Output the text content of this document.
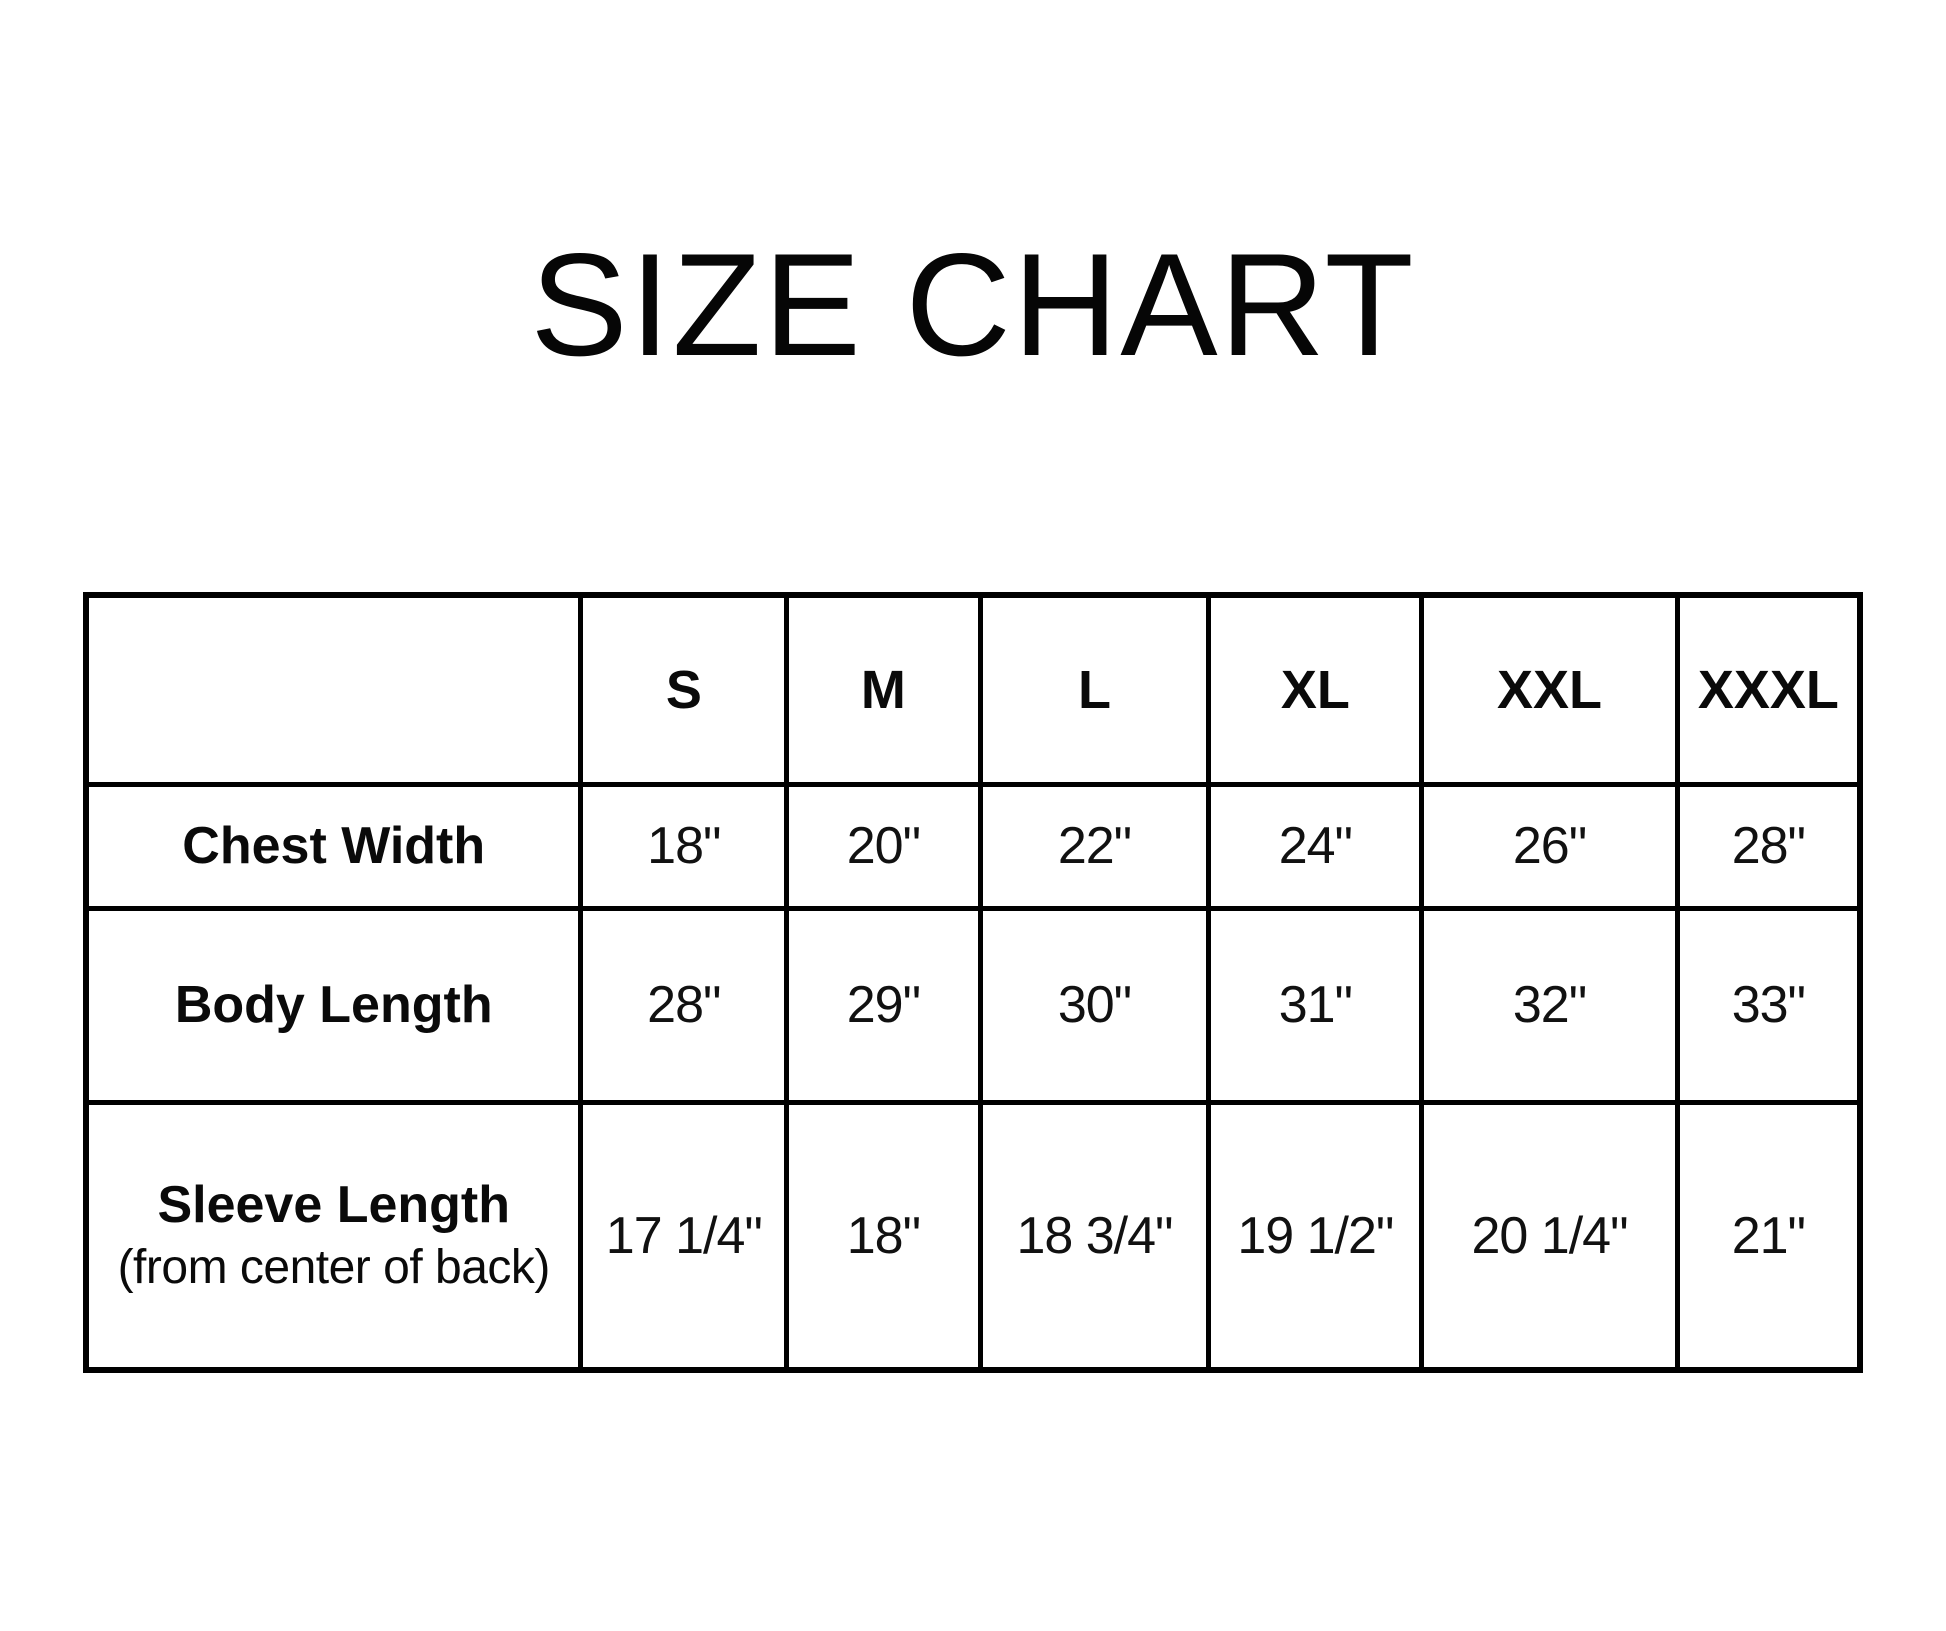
SIZE CHART
	S	M	L	XL	XXL	XXXL
Chest Width	18"	20"	22"	24"	26"	28"
Body Length	28"	29"	30"	31"	32"	33"

Sleeve Length
(from center of back)	17 1/4"	18"	18 3/4"	19 1/2"	20 1/4"	21"
